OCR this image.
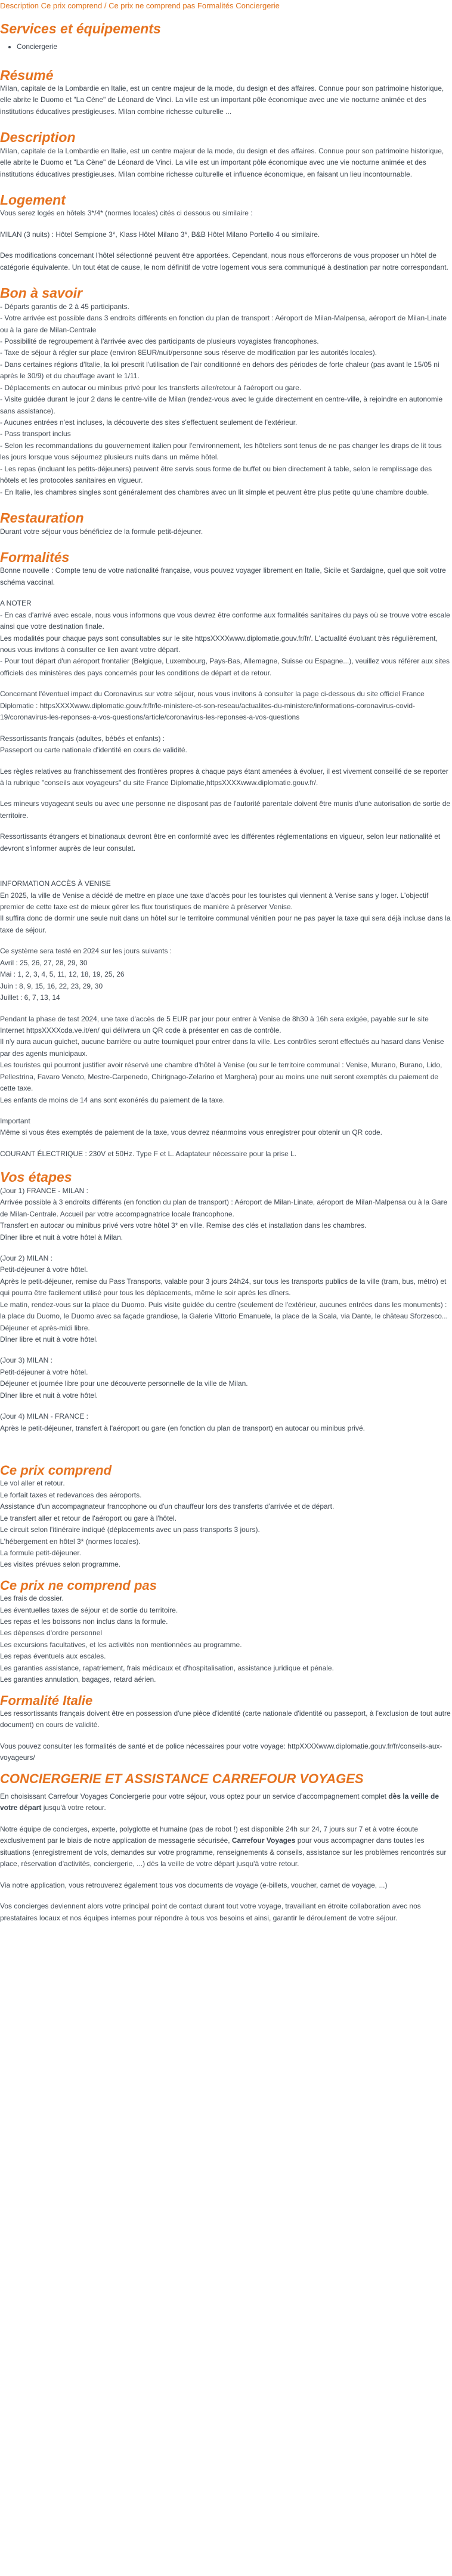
Description Ce prix comprend / Ce prix ne comprend pas Formalités Conciergerie
Services et équipements
• Conciergerie
Résumé

Milan, capitale de la Lombardie en Italie, est un centre majeur de la mode, du design et des affaires. Connue pour son patrimoine historique, elle abrite le Duomo et "La Cène" de Léonard de Vinci. La ville est un important pôle économique avec une vie nocturne animée et des institutions éducatives prestigieuses. Milan combine richesse culturelle ...

Description

Milan, capitale de la Lombardie en Italie, est un centre majeur de la mode, du design et des affaires. Connue pour son patrimoine historique, elle abrite le Duomo et "La Cène" de Léonard de Vinci. La ville est un important pôle économique avec une vie nocturne animée et des institutions éducatives prestigieuses. Milan combine richesse culturelle et influence économique, en faisant un lieu incontournable.

Logement

Vous serez logés en hôtels 3*/4* (normes locales) cités ci dessous ou similaire :

MILAN (3 nuits) : Hôtel Sempione 3*, Klass Hôtel Milano 3*, B&B Hôtel Milano Portello 4 ou similaire.

Des modifications concernant l'hôtel sélectionné peuvent être apportées. Cependant, nous nous efforcerons de vous proposer un hôtel de catégorie équivalente. Un tout état de cause, le nom définitif de votre logement vous sera communiqué à destination par notre correspondant.

Bon à savoir

- Départs garantis de 2 à 45 participants.

- Votre arrivée est possible dans 3 endroits différents en fonction du plan de transport : Aéroport de Milan-Malpensa, aéroport de Milan-Linate ou à la gare de Milan-Centrale

- Possibilité de regroupement à l'arrivée avec des participants de plusieurs voyagistes francophones.

- Taxe de séjour à régler sur place (environ 8EUR/nuit/personne sous réserve de modification par les autorités locales).

- Dans certaines régions d'Italie, la loi prescrit l'utilisation de l'air conditionné en dehors des périodes de forte chaleur (pas avant le 15/05 ni après le 30/9) et du chauffage avant le 1/11.

- Déplacements en autocar ou minibus privé pour les transferts aller/retour à l'aéroport ou gare.

- Visite guidée durant le jour 2 dans le centre-ville de Milan (rendez-vous avec le guide directement en centre-ville, à rejoindre en autonomie sans assistance).

- Aucunes entrées n'est incluses, la découverte des sites s'effectuent seulement de l'extérieur.

- Pass transport inclus

- Selon les recommandations du gouvernement italien pour l'environnement, les hôteliers sont tenus de ne pas changer les draps de lit tous les jours lorsque vous séjournez plusieurs nuits dans un même hôtel.

- Les repas (incluant les petits-déjeuners) peuvent être servis sous forme de buffet ou bien directement à table, selon le remplissage des hôtels et les protocoles sanitaires en vigueur.

- En Italie, les chambres singles sont généralement des chambres avec un lit simple et peuvent être plus petite qu'une chambre double.

Restauration

Durant votre séjour vous bénéficiez de la formule petit-déjeuner.

Formalités

Bonne nouvelle : Compte tenu de votre nationalité française, vous pouvez voyager librement en Italie, Sicile et Sardaigne, quel que soit votre schéma vaccinal.

A NOTER

- En cas d'arrivé avec escale, nous vous informons que vous devrez être conforme aux formalités sanitaires du pays où se trouve votre escale ainsi que votre destination finale.

Les modalités pour chaque pays sont consultables sur le site httpsXXXXwww.diplomatie.gouv.fr/fr/. L'actualité évoluant très régulièrement, nous vous invitons à consulter ce lien avant votre départ.

- Pour tout départ d'un aéroport frontalier (Belgique, Luxembourg, Pays-Bas, Allemagne, Suisse ou Espagne...), veuillez vous référer aux sites officiels des ministères des pays concernés pour les conditions de départ et de retour.

Concernant l'éventuel impact du Coronavirus sur votre séjour, nous vous invitons à consulter la page ci-dessous du site officiel France Diplomatie : httpsXXXXwww.diplomatie.gouv.fr/fr/le-ministere-et-son-reseau/actualites-du-ministere/informations-coronavirus-covid-19/coronavirus-les-reponses-a-vos-questions/article/coronavirus-les-reponses-a-vos-questions

Ressortissants français (adultes, bébés et enfants) :

Passeport ou carte nationale d'identité en cours de validité.

Les règles relatives au franchissement des frontières propres à chaque pays étant amenées à évoluer, il est vivement conseillé de se reporter à la rubrique "conseils aux voyageurs" du site France Diplomatie,httpsXXXXwww.diplomatie.gouv.fr/.

Les mineurs voyageant seuls ou avec une personne ne disposant pas de l'autorité parentale doivent être munis d'une autorisation de sortie de territoire.

Ressortissants étrangers et binationaux devront être en conformité avec les différentes réglementations en vigueur, selon leur nationalité et devront s'informer auprès de leur consulat.

INFORMATION ACCÈS À VENISE

En 2025, la ville de Venise a décidé de mettre en place une taxe d'accès pour les touristes qui viennent à Venise sans y loger. L'objectif premier de cette taxe est de mieux gérer les flux touristiques de manière à préserver Venise.

Il suffira donc de dormir une seule nuit dans un hôtel sur le territoire communal vénitien pour ne pas payer la taxe qui sera déjà incluse dans la taxe de séjour.

Ce système sera testé en 2024 sur les jours suivants :

Avril : 25, 26, 27, 28, 29, 30

Mai : 1, 2, 3, 4, 5, 11, 12, 18, 19, 25, 26

Juin : 8, 9, 15, 16, 22, 23, 29, 30

Juillet : 6, 7, 13, 14

Pendant la phase de test 2024, une taxe d'accès de 5 EUR par jour pour entrer à Venise de 8h30 à 16h sera exigée, payable sur le site Internet httpsXXXXcda.ve.it/en/ qui délivrera un QR code à présenter en cas de contrôle.

Il n'y aura aucun guichet, aucune barrière ou autre tourniquet pour entrer dans la ville. Les contrôles seront effectués au hasard dans Venise par des agents municipaux.

Les touristes qui pourront justifier avoir réservé une chambre d'hôtel à Venise (ou sur le territoire communal : Venise, Murano, Burano, Lido, Pellestrina, Favaro Veneto, Mestre-Carpenedo, Chirignago-Zelarino et Marghera) pour au moins une nuit seront exemptés du paiement de cette taxe.

Les enfants de moins de 14 ans sont exonérés du paiement de la taxe.

Important

Même si vous êtes exemptés de paiement de la taxe, vous devrez néanmoins vous enregistrer pour obtenir un QR code.

COURANT ÉLECTRIQUE : 230V et 50Hz. Type F et L. Adaptateur nécessaire pour la prise L.

Vos étapes

(Jour 1) FRANCE - MILAN :

Arrivée possible à 3 endroits différents (en fonction du plan de transport) : Aéroport de Milan-Linate, aéroport de Milan-Malpensa ou à la Gare de Milan-Centrale. Accueil par votre accompagnatrice locale francophone.

Transfert en autocar ou minibus privé vers votre hôtel 3* en ville. Remise des clés et installation dans les chambres.

Dîner libre et nuit à votre hôtel à Milan.

(Jour 2) MILAN :

Petit-déjeuner à votre hôtel.

Après le petit-déjeuner, remise du Pass Transports, valable pour 3 jours 24h24, sur tous les transports publics de la ville (tram, bus, métro) et qui pourra être facilement utilisé pour tous les déplacements, même le soir après les dîners.

Le matin, rendez-vous sur la place du Duomo. Puis visite guidée du centre (seulement de l'extérieur, aucunes entrées dans les monuments) : la place du Duomo, le Duomo avec sa façade grandiose, la Galerie Vittorio Emanuele, la place de la Scala, via Dante, le château Sforzesco...

Déjeuner et après-midi libre.

Dîner libre et nuit à votre hôtel.

(Jour 3) MILAN :

Petit-déjeuner à votre hôtel.

Déjeuner et journée libre pour une découverte personnelle de la ville de Milan.

Dîner libre et nuit à votre hôtel.

(Jour 4) MILAN - FRANCE :

Après le petit-déjeuner, transfert à l'aéroport ou gare (en fonction du plan de transport) en autocar ou minibus privé.

Ce prix comprend

Le vol aller et retour.

Le forfait taxes et redevances des aéroports.

Assistance d'un accompagnateur francophone ou d'un chauffeur lors des transferts d'arrivée et de départ.

Le transfert aller et retour de l'aéroport ou gare à l'hôtel.

Le circuit selon l'itinéraire indiqué (déplacements avec un pass transports 3 jours).

L'hébergement en hôtel 3* (normes locales).

La formule petit-déjeuner.

Les visites prévues selon programme.

Ce prix ne comprend pas

Les frais de dossier.

Les éventuelles taxes de séjour et de sortie du territoire.

Les repas et les boissons non inclus dans la formule.

Les dépenses d'ordre personnel

Les excursions facultatives, et les activités non mentionnées au programme.

Les repas éventuels aux escales.

Les garanties assistance, rapatriement, frais médicaux et d'hospitalisation, assistance juridique et pénale.

Les garanties annulation, bagages, retard aérien.

Formalité Italie

Les ressortissants français doivent être en possession d'une pièce d'identité (carte nationale d'identité ou passeport, à l'exclusion de tout autre document) en cours de validité.

Vous pouvez consulter les formalités de santé et de police nécessaires pour votre voyage: httpXXXXwww.diplomatie.gouv.fr/fr/conseils-aux-voyageurs/

CONCIERGERIE ET ASSISTANCE CARREFOUR VOYAGES

En choisissant Carrefour Voyages Conciergerie pour votre séjour, vous optez pour un service d'accompagnement complet dès la veille de votre départ jusqu'à votre retour.

Notre équipe de concierges, experte, polyglotte et humaine (pas de robot !) est disponible 24h sur 24, 7 jours sur 7 et à votre écoute exclusivement par le biais de notre application de messagerie sécurisée, Carrefour Voyages pour vous accompagner dans toutes les situations (enregistrement de vols, demandes sur votre programme, renseignements & conseils, assistance sur les problèmes rencontrés sur place, réservation d'activités, conciergerie, ...) dès la veille de votre départ jusqu'à votre retour.

Via notre application, vous retrouverez également tous vos documents de voyage (e-billets, voucher, carnet de voyage, ...)

Vos concierges deviennent alors votre principal point de contact durant tout votre voyage, travaillant en étroite collaboration avec nos prestataires locaux et nos équipes internes pour répondre à tous vos besoins et ainsi, garantir le déroulement de votre séjour.
